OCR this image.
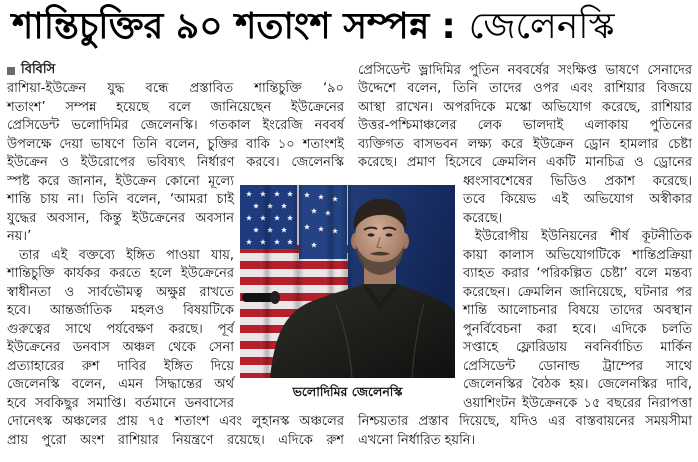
শান্তিচুক্তির ৯০ শতাংশ সম্পন্ন : জেলেনস্কি
বিবিসি
রাশিয়া-ইউক্রেন যুদ্ধ বন্ধে প্রস্তাবিত শান্তিচুক্তি ‘৯০
শতাংশ’ সম্পন্ন হয়েছে বলে জানিয়েছেন ইউক্রেনের
প্রেসিডেন্ট ভলোদিমির জেলেনস্কি। গতকাল ইংরেজি নববর্ষ
উপলক্ষে দেয়া ভাষণে তিনি বলেন, চুক্তির বাকি ১০ শতাংশই
ইউক্রেন ও ইউরোপের ভবিষ্যৎ নির্ধারণ করবে। জেলেনস্কি
স্পষ্ট করে জানান, ইউক্রেন কোনো মূল্যে
শান্তি চায় না। তিনি বলেন, ‘আমরা চাই
যুদ্ধের অবসান, কিন্তু ইউক্রেনের অবসান
নয়।’
তার এই বক্তব্যে ইঙ্গিত পাওয়া যায়,
শান্তিচুক্তি কার্যকর করতে হলে ইউক্রেনের
স্বাধীনতা ও সার্বভৌমত্ব অক্ষুণ্ণ রাখতে
হবে। আন্তর্জাতিক মহলও বিষয়টিকে
গুরুত্বের সাথে পর্যবেক্ষণ করছে। পূর্ব
ইউক্রেনের ডনবাস অঞ্চল থেকে সেনা
প্রত্যাহারের রুশ দাবির ইঙ্গিত দিয়ে
জেলেনস্কি বলেন, এমন সিদ্ধান্তের অর্থ
হবে সবকিছুর সমাপ্তি। বর্তমানে ডনবাসের
দোনেৎস্ক অঞ্চলের প্রায় ৭৫ শতাংশ এবং লুহানস্ক অঞ্চলের
প্রায় পুরো অংশ রাশিয়ার নিয়ন্ত্রণে রয়েছে। এদিকে রুশ
প্রেসিডেন্ট ভ্লাদিমির পুতিন নববর্ষের সংক্ষিপ্ত ভাষণে সেনাদের
উদ্দেশে বলেন, তিনি তাদের ওপর এবং রাশিয়ার বিজয়ে
আস্থা রাখেন। অপরদিকে মস্কো অভিযোগ করেছে, রাশিয়ার
উত্তর-পশ্চিমাঞ্চলের লেক ভালদাই এলাকায় পুতিনের
ব্যক্তিগত বাসভবন লক্ষ্য করে ইউক্রেন ড্রোন হামলার চেষ্টা
করেছে। প্রমাণ হিসেবে ক্রেমলিন একটি মানচিত্র ও ড্রোনের
ধ্বংসাবশেষের ভিডিও প্রকাশ করেছে।
তবে কিয়েভ এই অভিযোগ অস্বীকার
করেছে।
ইউরোপীয় ইউনিয়নের শীর্ষ কূটনীতিক
কায়া কালাস অভিযোগটিকে শান্তিপ্রক্রিয়া
ব্যাহত করার ‘পরিকল্পিত চেষ্টা’ বলে মন্তব্য
করেছেন। ক্রেমলিন জানিয়েছে, ঘটনার পর
শান্তি আলোচনার বিষয়ে তাদের অবস্থান
পুনর্বিবেচনা করা হবে। এদিকে চলতি
সপ্তাহে ফ্লোরিডায় নবনির্বাচিত মার্কিন
প্রেসিডেন্ট ডোনাল্ড ট্রাম্পের সাথে
জেলেনস্কির বৈঠক হয়। জেলেনস্কির দাবি,
ওয়াশিংটন ইউক্রেনকে ১৫ বছরের নিরাপত্তা
নিশ্চয়তার প্রস্তাব দিয়েছে, যদিও এর বাস্তবায়নের সময়সীমা
এখনো নির্ধারিত হয়নি।
ভলোদিমির জেলেনস্কি
